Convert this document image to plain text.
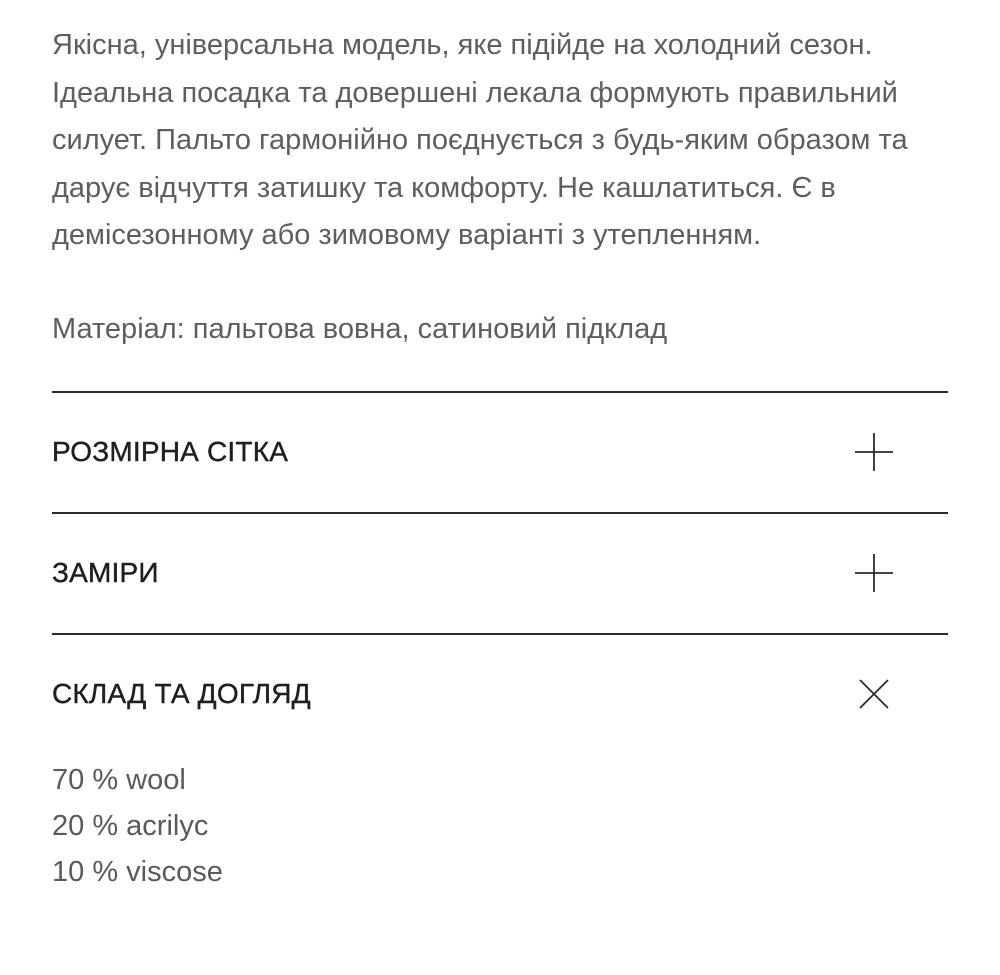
Якісна, універсальна модель, яке підійде на холодний сезон. Ідеальна посадка та довершені лекала формують правильний силует. Пальто гармонійно поєднується з будь-яким образом та дарує відчуття затишку та комфорту. Не кашлатиться. Є в демісезонному або зимовому варіанті з утепленням.

Матеріал: пальтова вовна, сатиновий підклад

РОЗМІРНА СІТКА
ЗАМІРИ
СКЛАД ТА ДОГЛЯД
70 % wool
20 % acrilyc
10 % viscose
